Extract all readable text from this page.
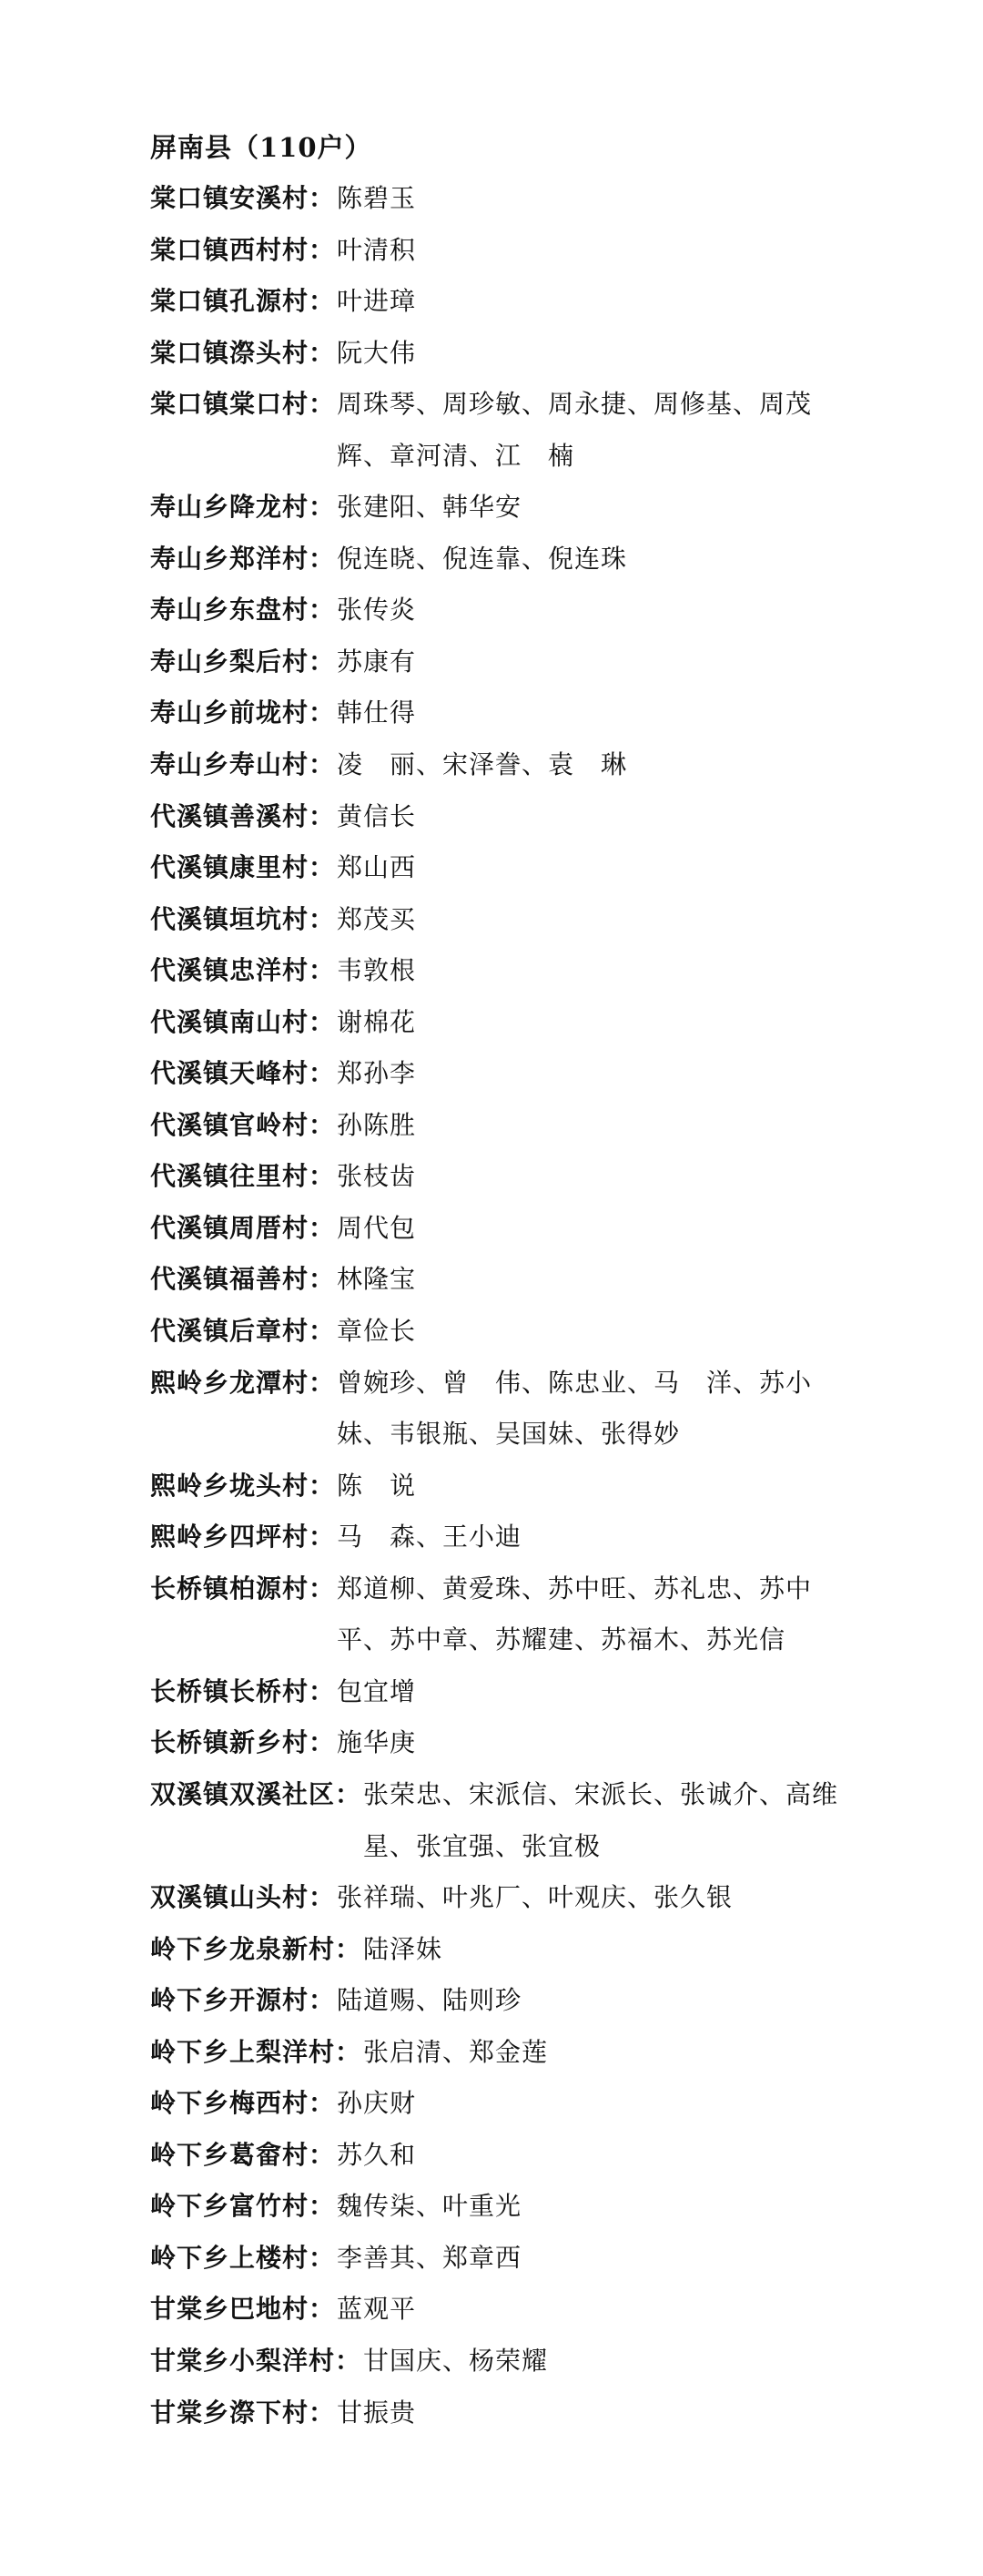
屏南县（110户）
棠口镇安溪村： 陈碧玉
棠口镇西村村： 叶清积
棠口镇孔源村： 叶进璋
棠口镇漈头村： 阮大伟
棠口镇棠口村： 周珠琴、周珍敏、周永捷、周修基、周茂辉、章河清、江　楠
寿山乡降龙村： 张建阳、韩华安
寿山乡郑洋村： 倪连晓、倪连靠、倪连珠
寿山乡东盘村： 张传炎
寿山乡梨后村： 苏康有
寿山乡前垅村： 韩仕得
寿山乡寿山村： 凌　丽、宋泽誊、袁　琳
代溪镇善溪村： 黄信长
代溪镇康里村： 郑山西
代溪镇垣坑村： 郑茂买
代溪镇忠洋村： 韦敦根
代溪镇南山村： 谢棉花
代溪镇天峰村： 郑孙李
代溪镇官岭村： 孙陈胜
代溪镇往里村： 张枝齿
代溪镇周厝村： 周代包
代溪镇福善村： 林隆宝
代溪镇后章村： 章俭长
熙岭乡龙潭村： 曾婉珍、曾　伟、陈忠业、马　洋、苏小妹、韦银瓶、吴国妹、张得妙
熙岭乡垅头村： 陈　说
熙岭乡四坪村： 马　森、王小迪
长桥镇柏源村： 郑道柳、黄爱珠、苏中旺、苏礼忠、苏中平、苏中章、苏耀建、苏福木、苏光信
长桥镇长桥村： 包宜增
长桥镇新乡村： 施华庚
双溪镇双溪社区： 张荣忠、宋派信、宋派长、张诚介、高维星、张宜强、张宜极
双溪镇山头村： 张祥瑞、叶兆厂、叶观庆、张久银
岭下乡龙泉新村： 陆泽妹
岭下乡开源村： 陆道赐、陆则珍
岭下乡上梨洋村： 张启清、郑金莲
岭下乡梅西村： 孙庆财
岭下乡葛畲村： 苏久和
岭下乡富竹村： 魏传柒、叶重光
岭下乡上楼村： 李善其、郑章西
甘棠乡巴地村： 蓝观平
甘棠乡小梨洋村： 甘国庆、杨荣耀
甘棠乡漈下村： 甘振贵
